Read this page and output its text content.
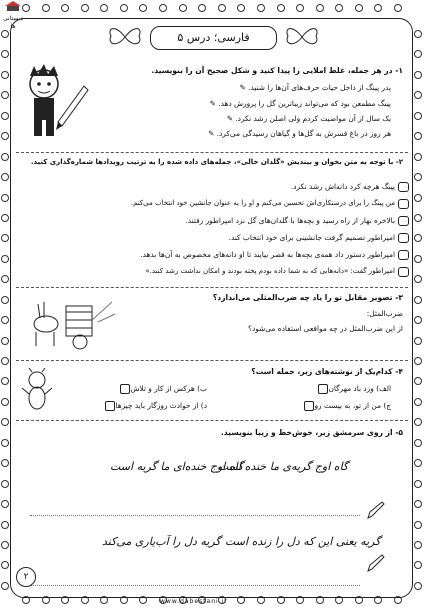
دبستانی ها
فارسی؛ درس ۵
۱- در هر جمله، غلط املایی را پیدا کنید و شکل صحیح آن را بنویسید.
پدر پینگ از داخل حیات حرف‌های آن‌ها را شنید. ✎
پینگ مطمعن بود که می‌تواند زیباترین گل را پرورش دهد. ✎
یک سال از آن مواضبت کردم ولی اصلن رشد نکرد. ✎
هر روز در باغ قسرش به گل‌ها و گیاهان رسیدگی می‌کرد. ✎
۲- با توجه به متن بخوان و بیندیش «گلدان خالی»، جمله‌های داده شده را به ترتیب رویدادها شماره‌گذاری کنید.
پینگ هرچه کرد دانه‌اش رشد نکرد.
من پینگ را برای درستکاری‌اش تحسین می‌کنم و او را به عنوان جانشین خود انتخاب می‌کنم.
بالاخره بهار از راه رسید و بچه‌ها با گلدان‌های گل نزد امپراطور رفتند.
امپراطور تصمیم گرفت جانشینی برای خود انتخاب کند.
امپراطور دستور داد همه‌ی بچه‌ها به قصر بیایند تا او دانه‌های مخصوص به آن‌ها بدهد.
امپراطور گفت: «دانه‌هایی که به شما داده بودم پخته بودند و امکان نداشت رشد کنند.»
۳- تصویر مقابل تو را یاد چه ضرب‌المثلی می‌اندازد؟
ضرب‌المثل:
از این ضرب‌المثل در چه مواقعی استفاده می‌شود؟
۴- کدام‌یک از نوشته‌های زیر، جمله است؟
الف) وزد باد مهرگان
ب) هرکس از کار و تلاش
ج) من از تو، به بیست رو
د) از حوادث روزگار باید چیزها
۵- از روی سرمشق زیر، خوش‌خط و زیبا بنویسید.
گاه اوج خنده‌ای ما گریه است
گاه اوج گریه‌ی ما خنده است
گریه دل را آب‌یاری می‌کند گریه یعنی این که دل را زنده است
۲
www.dabestani.ir
